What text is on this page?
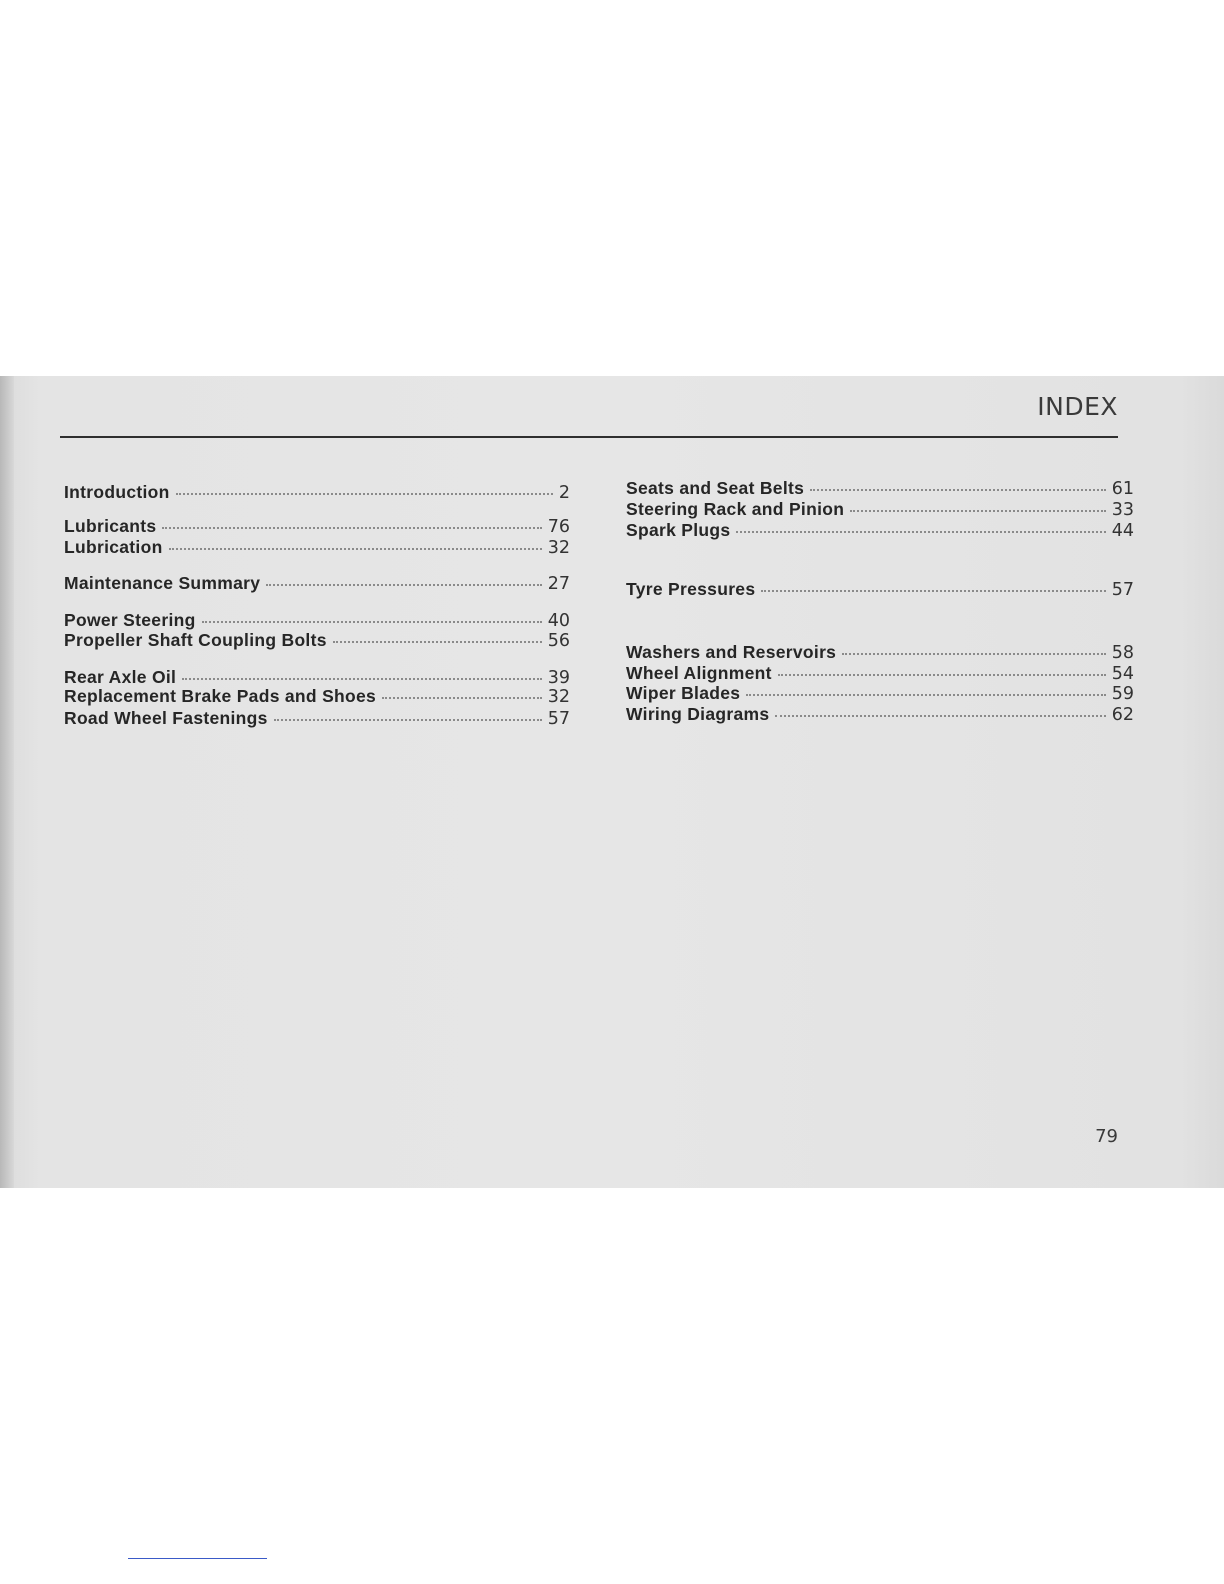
INDEX
Introduction	2
Lubricants	76
Lubrication	32
Maintenance Summary	27
Power Steering	40
Propeller Shaft Coupling Bolts	56
Rear Axle Oil	39
Replacement Brake Pads and Shoes	32
Road Wheel Fastenings	57
Seats and Seat Belts	61
Steering Rack and Pinion	33
Spark Plugs	44
Tyre Pressures	57
Washers and Reservoirs	58
Wheel Alignment	54
Wiper Blades	59
Wiring Diagrams	62
79
